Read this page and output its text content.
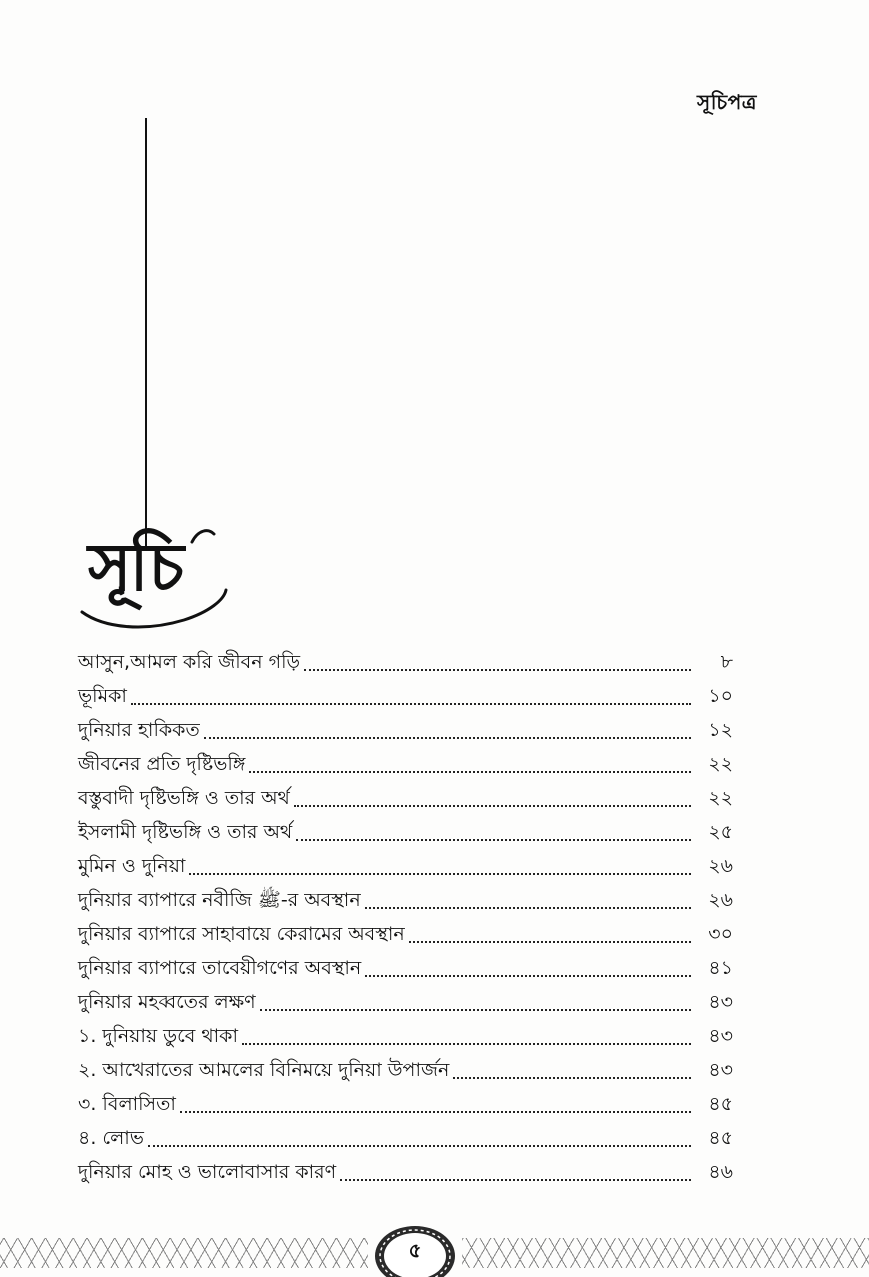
সূচিপত্র
সূচি
আসুন,আমল করি জীবন গড়ি	৮
ভূমিকা	১০
দুনিয়ার হাকিকত	১২
জীবনের প্রতি দৃষ্টিভঙ্গি	২২
বস্তুবাদী দৃষ্টিভঙ্গি ও তার অর্থ	২২
ইসলামী দৃষ্টিভঙ্গি ও তার অর্থ	২৫
মুমিন ও দুনিয়া	২৬
দুনিয়ার ব্যাপারে নবীজি ﷺ-র অবস্থান	২৬
দুনিয়ার ব্যাপারে সাহাবায়ে কেরামের অবস্থান	৩০
দুনিয়ার ব্যাপারে তাবেয়ীগণের অবস্থান	৪১
দুনিয়ার মহব্বতের লক্ষণ	৪৩
১. দুনিয়ায় ডুবে থাকা	৪৩
২. আখেরাতের আমলের বিনিময়ে দুনিয়া উপার্জন	৪৩
৩. বিলাসিতা	৪৫
৪. লোভ	৪৫
দুনিয়ার মোহ ও ভালোবাসার কারণ	৪৬
৫
